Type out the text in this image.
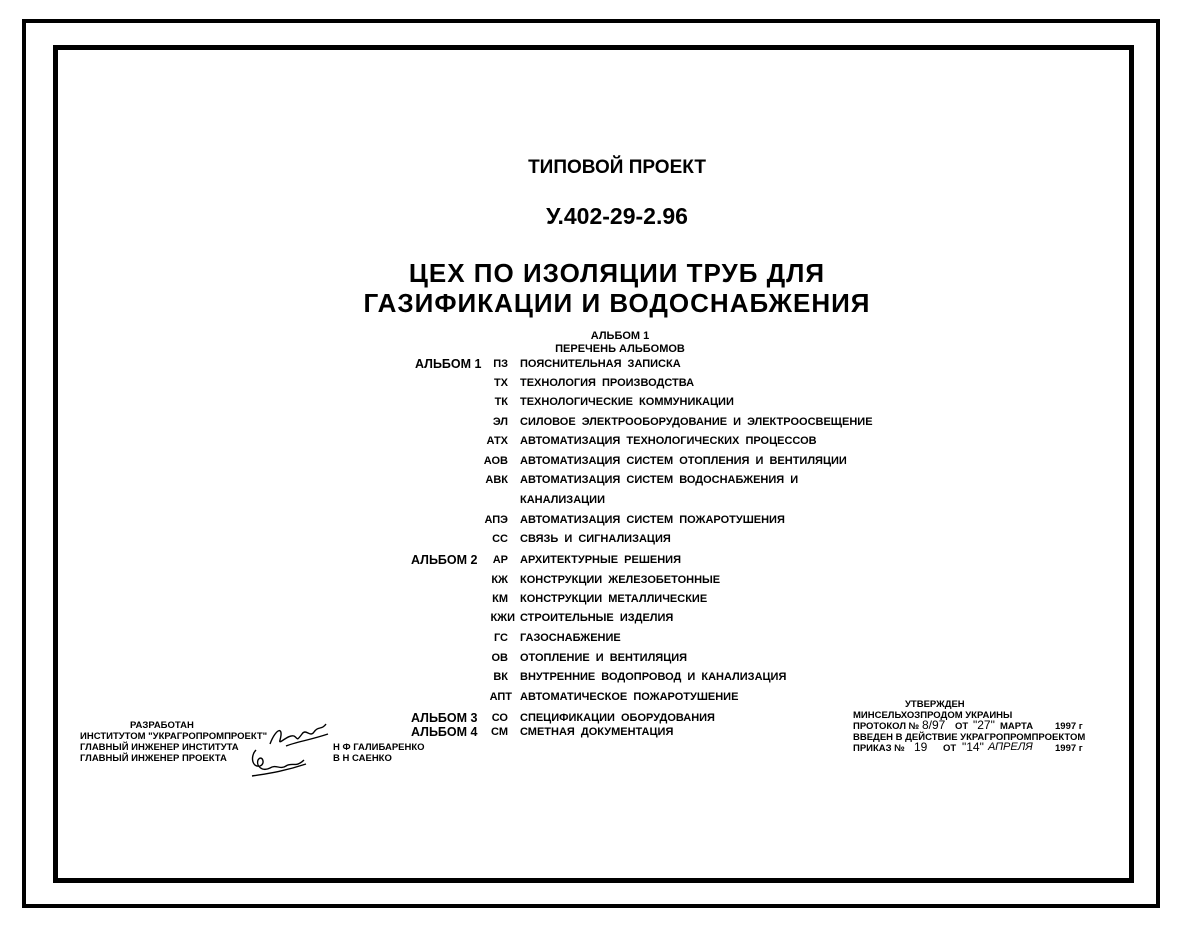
ТИПОВОЙ ПРОЕКТ
У.402-29-2.96
ЦЕХ ПО ИЗОЛЯЦИИ ТРУБ ДЛЯ
ГАЗИФИКАЦИИ И ВОДОСНАБЖЕНИЯ
АЛЬБОМ 1
ПЕРЕЧЕНЬ АЛЬБОМОВ
АЛЬБОМ 1	ПЗ ПОЯСНИТЕЛЬНАЯ ЗАПИСКА
ТХ ТЕХНОЛОГИЯ ПРОИЗВОДСТВА
ТК ТЕХНОЛОГИЧЕСКИЕ КОММУНИКАЦИИ
ЭЛ СИЛОВОЕ ЭЛЕКТРООБОРУДОВАНИЕ И ЭЛЕКТРООСВЕЩЕНИЕ
АТХ АВТОМАТИЗАЦИЯ ТЕХНОЛОГИЧЕСКИХ ПРОЦЕССОВ
АОВ АВТОМАТИЗАЦИЯ СИСТЕМ ОТОПЛЕНИЯ И ВЕНТИЛЯЦИИ
АВК АВТОМАТИЗАЦИЯ СИСТЕМ ВОДОСНАБЖЕНИЯ И
КАНАЛИЗАЦИИ
АПЭ АВТОМАТИЗАЦИЯ СИСТЕМ ПОЖАРОТУШЕНИЯ
СС СВЯЗЬ И СИГНАЛИЗАЦИЯ
АЛЬБОМ 2	АР АРХИТЕКТУРНЫЕ РЕШЕНИЯ
КЖ КОНСТРУКЦИИ ЖЕЛЕЗОБЕТОННЫЕ
КМ КОНСТРУКЦИИ МЕТАЛЛИЧЕСКИЕ
КЖИ СТРОИТЕЛЬНЫЕ ИЗДЕЛИЯ
ГС ГАЗОСНАБЖЕНИЕ
ОВ ОТОПЛЕНИЕ И ВЕНТИЛЯЦИЯ
ВК ВНУТРЕННИЕ ВОДОПРОВОД И КАНАЛИЗАЦИЯ
АПТ АВТОМАТИЧЕСКОЕ ПОЖАРОТУШЕНИЕ
АЛЬБОМ 3	СО СПЕЦИФИКАЦИИ ОБОРУДОВАНИЯ
АЛЬБОМ 4	СМ СМЕТНАЯ ДОКУМЕНТАЦИЯ
РАЗРАБОТАН
ИНСТИТУТОМ "УКРАГРОПРОМПРОЕКТ"
ГЛАВНЫЙ ИНЖЕНЕР ИНСТИТУТА
ГЛАВНЫЙ ИНЖЕНЕР ПРОЕКТА
Н Ф ГАЛИБАРЕНКО
В Н САЕНКО
УТВЕРЖДЕН
МИНСЕЛЬХОЗПРОДОМ УКРАИНЫ
ПРОТОКОЛ № 8/97 ОТ "27" МАРТА 1997 г
ВВЕДЕН В ДЕЙСТВИЕ УКРАГРОПРОМПРОЕКТОМ
ПРИКАЗ № 19 ОТ "14" АПРЕЛЯ 1997 г
